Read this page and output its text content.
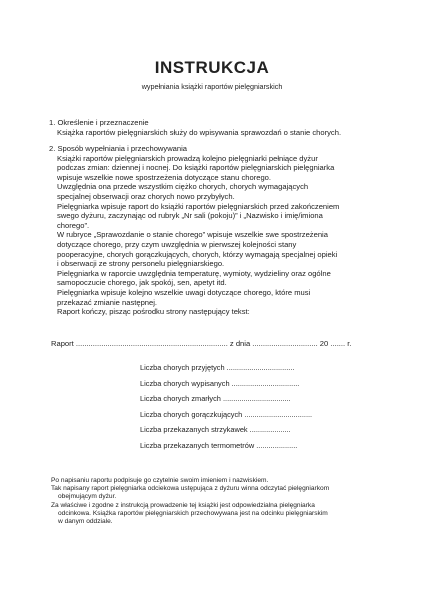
INSTRUKCJA
wypełniania książki raportów pielęgniarskich

1. Określenie i przeznaczenie

Książka raportów pielęgniarskich służy do wpisywania sprawozdań o stanie chorych.

2. Sposób wypełniania i przechowywania

Książki raportów pielęgniarskich prowadzą kolejno pielęgniarki pełniące dyżur

podczas zmian: dziennej i nocnej. Do książki raportów pielęgniarskich pielęgniarka

wpisuje wszelkie nowe spostrzeżenia dotyczące stanu chorego.

Uwzględnia ona przede wszystkim ciężko chorych, chorych wymagających

specjalnej obserwacji oraz chorych nowo przybyłych.

Pielęgniarka wpisuje raport do książki raportów pielęgniarskich przed zakończeniem

swego dyżuru, zaczynając od rubryk „Nr sali (pokoju)” i „Nazwisko i imię/imiona

chorego”.

W rubryce „Sprawozdanie o stanie chorego” wpisuje wszelkie swe spostrzeżenia

dotyczące chorego, przy czym uwzględnia w pierwszej kolejności stany

pooperacyjne, chorych gorączkujących, chorych, którzy wymagają specjalnej opieki

i obserwacji ze strony personelu pielęgniarskiego.

Pielęgniarka w raporcie uwzględnia temperaturę, wymioty, wydzieliny oraz ogólne

samopoczucie chorego, jak spokój, sen, apetyt itd.

Pielęgniarka wpisuje kolejno wszelkie uwagi dotyczące chorego, które musi

przekazać zmianie następnej.

Raport kończy, pisząc pośrodku strony następujący tekst:

Raport ........................................................................ z dnia ............................... 20 ....... r.
Liczba chorych przyjętych .................................
Liczba chorych wypisanych .................................
Liczba chorych zmarłych .................................
Liczba chorych gorączkujących .................................
Liczba przekazanych strzykawek ....................
Liczba przekazanych termometrów ....................

Po napisaniu raportu podpisuje go czytelnie swoim imieniem i nazwiskiem.

Tak napisany raport pielęgniarka odciekowa ustępująca z dyżuru winna odczytać pielęgniarkom

obejmującym dyżur.

Za właściwe i zgodne z instrukcją prowadzenie tej książki jest odpowiedzialna pielęgniarka

odcinkowa. Książka raportów pielęgniarskich przechowywana jest na odcinku pielęgniarskim

w danym oddziale.
